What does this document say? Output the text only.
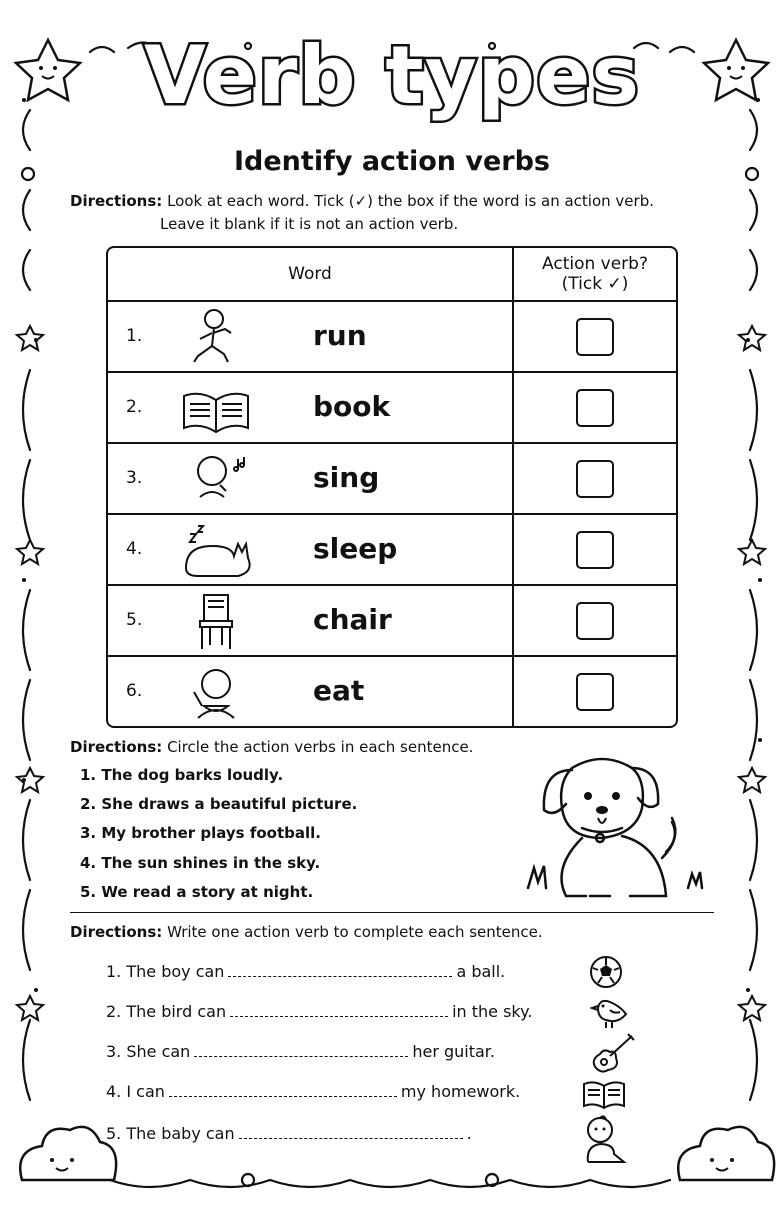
Verb types
Identify action verbs
Directions: Look at each word. Tick (✓) the box if the word is an action verb.
Leave it blank if it is not an action verb.
Word	Action verb?
(Tick ✓)

1. run	

2. book	

3. sing	

4. sleep	

5. chair	

6. eat	

Directions: Circle the action verbs in each sentence.
1. The dog barks loudly.
2. She draws a beautiful picture.
3. My brother plays football.
4. The sun shines in the sky.
5. We read a story at night.
Directions: Write one action verb to complete each sentence.
1. The boy can	a ball.
2. The bird can	in the sky.
3. She can	her guitar.
4. I can	my homework.
5. The baby can	.
